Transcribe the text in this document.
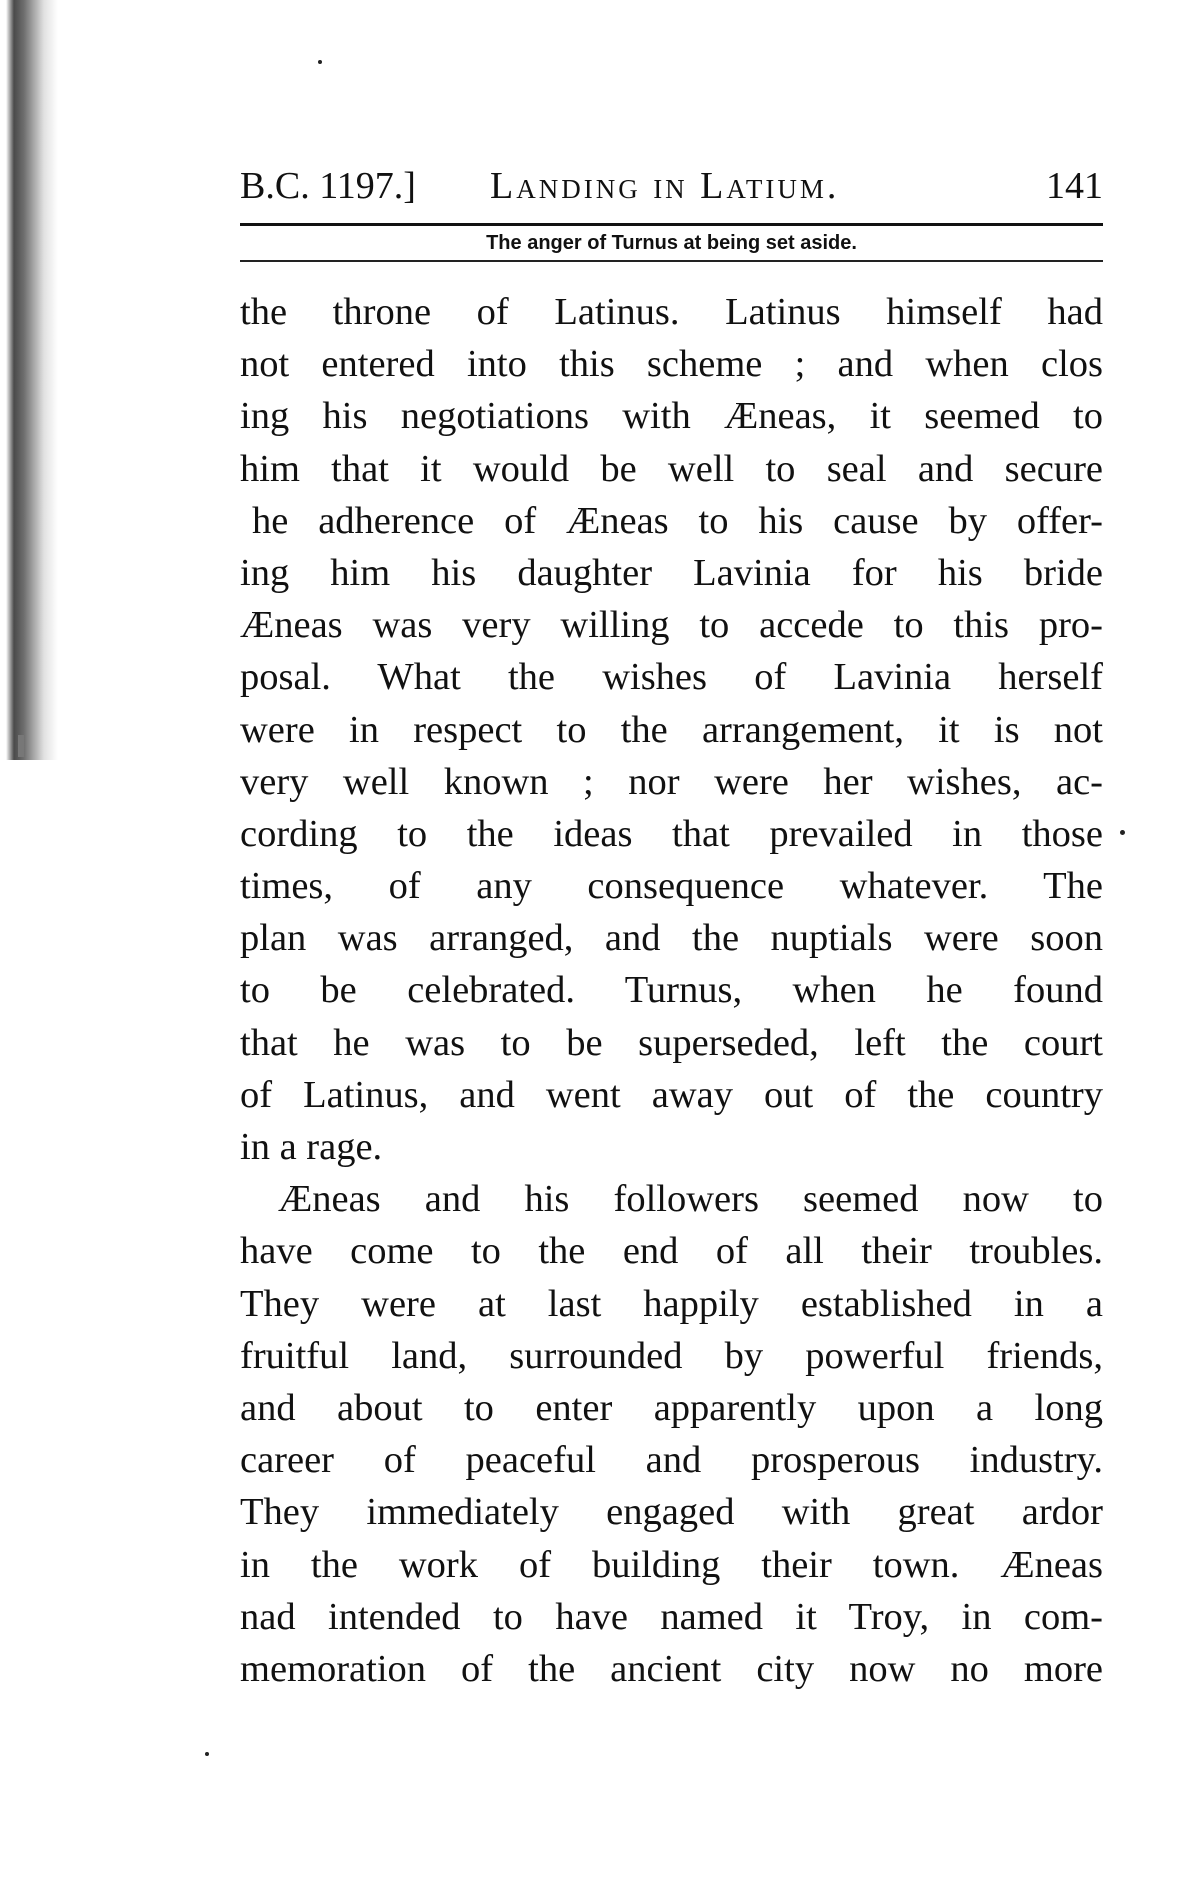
B.C. 1197.] Landing in Latium.	141
The anger of Turnus at being set aside.
the throne of Latinus. Latinus himself had
not entered into this scheme ; and when clos
ing his negotiations with Æneas, it seemed to
him that it would be well to seal and secure
he adherence of Æneas to his cause by offer-
ing him his daughter Lavinia for his bride
Æneas was very willing to accede to this pro-
posal. What the wishes of Lavinia herself
were in respect to the arrangement, it is not
very well known ; nor were her wishes, ac-
cording to the ideas that prevailed in those
times, of any consequence whatever. The
plan was arranged, and the nuptials were soon
to be celebrated. Turnus, when he found
that he was to be superseded, left the court
of Latinus, and went away out of the country
in a rage.
Æneas and his followers seemed now to
have come to the end of all their troubles.
They were at last happily established in a
fruitful land, surrounded by powerful friends,
and about to enter apparently upon a long
career of peaceful and prosperous industry.
They immediately engaged with great ardor
in the work of building their town. Æneas
nad intended to have named it Troy, in com-
memoration of the ancient city now no more
